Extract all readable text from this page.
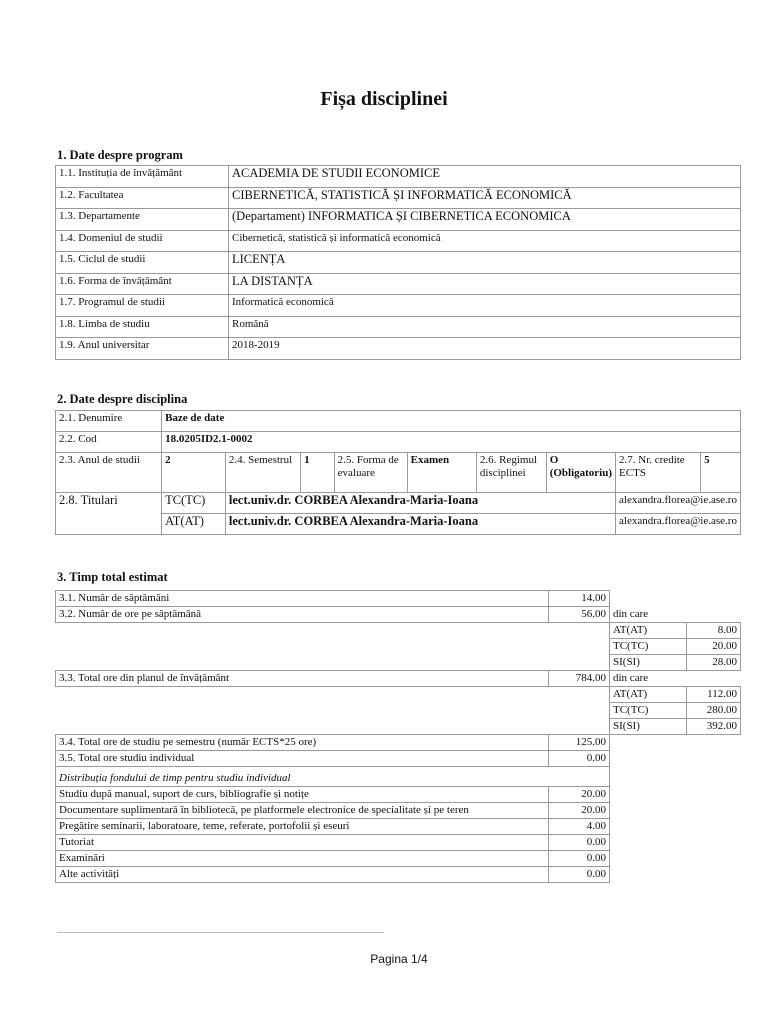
Fișa disciplinei
1. Date despre program
1.1. Instituția de învățământ	ACADEMIA DE STUDII ECONOMICE
1.2. Facultatea	CIBERNETICĂ, STATISTICĂ ȘI INFORMATICĂ ECONOMICĂ
1.3. Departamente	(Departament) INFORMATICA ȘI CIBERNETICA ECONOMICA
1.4. Domeniul de studii	Cibernetică, statistică și informatică economică
1.5. Ciclul de studii	LICENȚA
1.6. Forma de învățământ	LA DISTANȚA
1.7. Programul de studii	Informatică economică
1.8. Limba de studiu	Română
1.9. Anul universitar	2018-2019
2. Date despre disciplina
2.1. Denumire	Baze de date								
2.2. Cod	18.0205ID2.1-0002								
2.3. Anul de studii	2	2.4. Semestrul	1	2.5. Forma de evaluare	Examen	2.6. Regimul disciplinei	O (Obligatoriu)	2.7. Nr. credite ECTS	5
2.8. Titulari	TC(TC)	lect.univ.dr. CORBEA Alexandra-Maria-Ioana						alexandra.florea@ie.ase.ro	
	AT(AT)	lect.univ.dr. CORBEA Alexandra-Maria-Ioana						alexandra.florea@ie.ase.ro	
3. Timp total estimat
3.1. Număr de săptămâni	14.00		
3.2. Număr de ore pe săptămână	56.00	din care	
		AT(AT)	8.00
		TC(TC)	20.00
		SI(SI)	28.00
3.3. Total ore din planul de învățământ	784.00	din care	
		AT(AT)	112.00
		TC(TC)	280.00
		SI(SI)	392.00
3.4. Total ore de studiu pe semestru (număr ECTS*25 ore)	125.00		
3.5. Total ore studiu individual	0.00		
Distribuția fondului de timp pentru studiu individual			
Studiu după manual, suport de curs, bibliografie și notițe	20.00		
Documentare suplimentară în bibliotecă, pe platformele electronice de specialitate și pe teren	20.00		
Pregătire seminarii, laboratoare, teme, referate, portofolii și eseuri	4.00		
Tutoriat	0.00		
Examinări	0.00		
Alte activități	0.00		
Pagina 1/4
